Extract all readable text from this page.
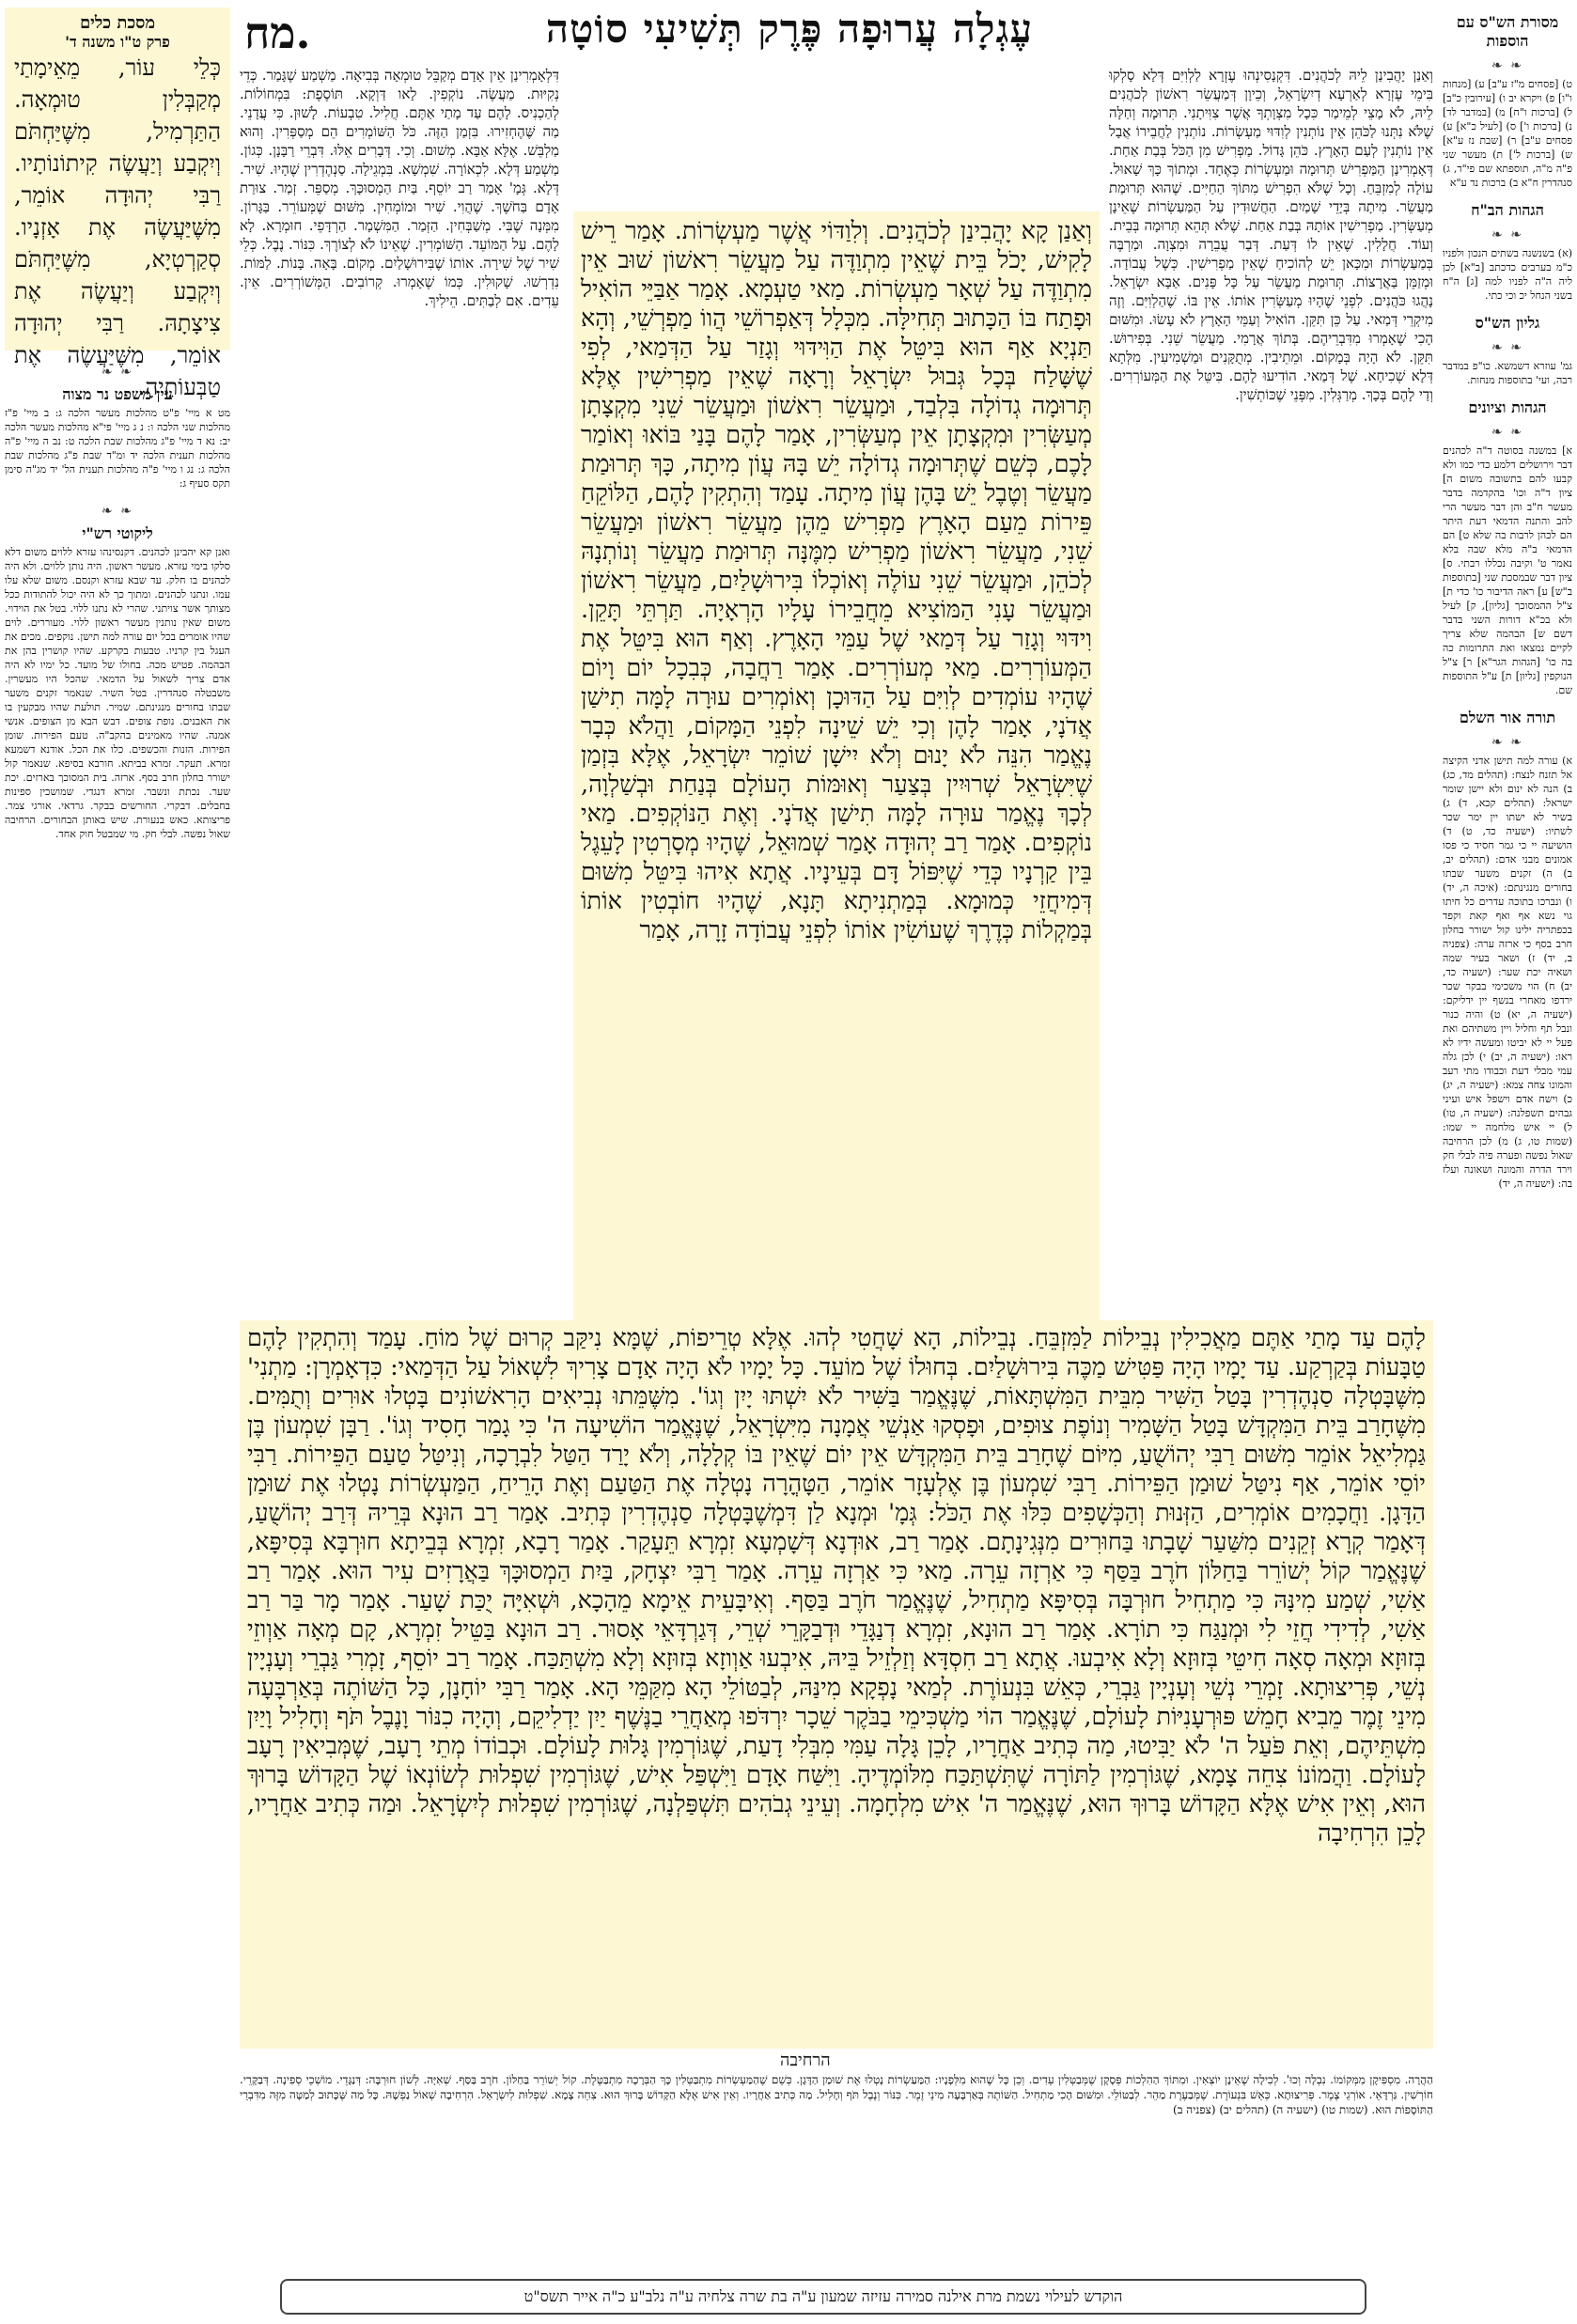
מח.	עֶגְלָה עֲרוּפָה פֶּרֶק תְּשִׁיעִי סוֹטָה	מסורת הש"ס עם הוספות
❧ ❧
ט) [פסחים מ"ז ע"ב] ע) [מנחות ו"ו] פ) ויקרא יב ו) [עירובין כ"ב] ל) [ברכות ו"ח] מ) [במדבר לד] נ) [ברכות ו'] ס) [לעיל כ"א] ע) פסחים ע"ב] ר) [שבת נז ע"א] ש) [ברכות ל'] ת) מעשר שני פ"ה מ"ה, תוספתא שם פי"ד, ג) סנהדרין ח"א ב) ברכות נד ע"א
הגהות הב"ח
❧ ❧
(א) בשנשנה בשתים הנכון ולפניו כ"מ בערבים כדכתב [ב"א] לכן ליה ה"ה לפניו למה [ג] ה"ח בשני הנחל יכ וכי כתי.
גליון הש"ס
❧ ❧
גמ' עוזרא דשמשא. כו"פ במדבר רבה, ועי' בתוספות מנחות.
הגהות וציונים
❧ ❧
א] במשנה בסוטה ד"ה לכהנים דבר וירושלים דלמע כדי כמו ולא קבעו להם בתשובה משום ה] ציון ד"ה וכו' בהקדמה בדבר מעשר ח"ב והן דבר מעשר הרי להב והתנה הדמאי דעת היתר הם לכהן לרבות בה שלא ט] הם הדמאי ב"ה מלא שבה בלא נאמר ט' וקיבה נכללו רבתי. ס] ציון דבר שבמסכת שני [בתוספות ב"ש] ע] ראה הדיבור כו' כדי ת] צ"ל ההמסוכך [גליון], ק] לעיל ולא בכ"א דורות השני בדבר דשם ש] הבהמה שלא צריך לקיים נמצאו ואת התרומות כה בה כו' [הגהות הגר"א] ר] צ"ל הנוקפין [גליון] ת] ע"ל התוספות שם.
תורה אור השלם
❧ ❧
א) עורה למה תישן אדני הקיצה אל תזנח לנצח: (תהלים מד, כג) ב) הנה לא ינום ולא יישן שומר ישראל: (תהלים קכא, ד) ג) בשיר לא ישתו יין ימר שכר לשתיו: (ישעיה כד, ט) ד) הושיעה יי כי גמר חסיד כי פסו אמונים מבני אדם: (תהלים יב, ב) ה) זקנים משער שבתו בחורים מנגינתם: (איכה ה, יד) ו) ונברכו בתוכה עדרים כל חיתו גוי נשא אף ואף קאת וקפד בכפתריה ילינו קול ישורר בחלון חרב בסף כי ארזה ערה: (צפניה ב, יד) ז) ושאר בעיר שמה ושאיה יכת שער: (ישעיה כד, יב) ח) הוי משכימי בבקר שכר ירדפו מאחרי בנשף יין ידליקם: (ישעיה ה, יא) ט) והיה כנור ונבל תף וחליל ויין משתיהם ואת פעל יי לא יביטו ומעשה ידיו לא ראו: (ישעיה ה, יב) י) לכן גלה עמי מבלי דעת וכבודו מתי רעב והמונו צחה צמא: (ישעיה ה, יג) כ) וישח אדם וישפל איש ועיני גבהים תשפלנה: (ישעיה ה, טו) ל) יי איש מלחמה יי שמו: (שמות טו, ג) מ) לכן הרחיבה שאול נפשה ופערה פיה לבלי חק וירד הדרה והמונה ושאונה ועלז בה: (ישעיה ה, יד)
וְאַנַן יָהֲבִינַן לֵיהּ לְכֹהֲנִים. דִּקְנָסִינְהוּ עֶזְרָא לַלְוִיִּם דְּלָא סָלְקוּ בִּימֵי עֶזְרָא לְאַרְעָא דְיִשְׂרָאֵל, וְכֵיוָן דְּמַעֲשֵׂר רִאשׁוֹן לְכֹהֲנִים לֵיהּ, לֹא מָצֵי לְמֵימַר כִּכָל מִצְוָתְךָ אֲשֶׁר צִוִּיתָנִי. תִּרוּמָה וְחַלָּה שֶׁלֹּא נִתְּנוּ לַכֹּהֵן אֵין נוֹתְנִין לְוִדּוּי מַעְשְׂרוֹת. נוֹתְנִין לַחֲבֵירוֹ אֲבָל אֵין נוֹתְנִין לְעַם הָאָרֶץ. כֹּהֵן גָּדוֹל. מַפְרִישׁ מִן הַכֹּל בְּבַת אַחַת. דְּאָמְרִינַן הַמַּפְרִישׁ תְּרוּמָה וּמַעְשְׂרוֹת כְּאֶחָד. וּמְתוֹךְ כָּךְ שָׁאוּל. עוֹלָה לְמִזְבֵּחַ. וְכָל שֶׁלֹּא הִפְרִישׁ מִתּוֹךְ הַחַיִּים. שֶׁהוּא תְּרוּמַת מַעֲשֵׂר. מִיתָה בְּיָדֵי שָׁמַיִם. הַחֲשׁוּדִין עַל הַמַּעַשְׂרוֹת שֶׁאֵינָן מְעַשְּׂרִין. מַפְרִישִׁין אוֹתָהּ בְּבַת אַחַת. שֶׁלֹּא תְּהֵא תְּרוּמָה בְּבֵית. וְעוֹד. חֲלָלִין. שֶׁאֵין לוֹ דְּעַת. דְּבַר עֲבֵרָה וּמִצְוָה. וּמַרְבֶּה בְּמַעַשְׂרוֹת וּמִכָּאן יֵשׁ לְהוֹכִיחַ שֶׁאֵין מַפְרִישִׁין. כְּשֶׁל עֲבוֹדָה. וּמְזַמֵּן בַּאֲרָצוֹת. תְּרוּמַת מַעֲשֵׂר עַל כָּל פָּנִים. אַבָּא יִשְׂרָאֵל. נָהֲגוּ כֹּהֲנִים. לִפְנֵי שֶׁהָיוּ מְעַשְּׂרִין אוֹתוֹ. אֵין בּוֹ. שֶׁהַלְוִיִּם. וְזֶה מִיקְרֵי דְּמַאי. עַל כֵּן תִּקֵּן. הוֹאִיל וְעַמֵּי הָאָרֶץ לֹא עָשׂוּ. וּמִשּׁוּם הָכִי שֶׁאָמְרוּ מִדִּבְרֵיהֶם. בְּתוֹךְ אֲרָמִי. מַעֲשֵׂר שֵׁנִי. בְּפִירוּשׁ. תִּקֵּן. לֹא הָיָה בְּמָקוֹם. וּמֵתֵיבִין. מְתֻקָּנִים וּמַשְׁמִיעִין. מִלְּתָא דְּלָא שְׁכִיחָא. שֶׁל דְּמַאי. הוֹדִיעוּ לָהֶם. בִּיטֵּל אֶת הַמְּעוֹרְרִים. וְדַי לָהֶם בְּכָךְ. מְרַגְּלִין. מִפְּנֵי שֶׁכּוֹתְשִׁין.
דִּלְאָמְרִינַן אֵין אָדָם מְקַבֵּל טוּמְאָה בְּבִיאָה. מַשְׁמַע שֶׁגָּמַר. כְּדֵי נְקִיּוּת. מַעֲשֶׂה. נוֹקְפִין. לָאו דַּוְקָא. תּוֹסֶפֶת: בִּמְחוֹלוֹת. לְהַכְנִיס. לָהֶם עַד מָתַי אַתֶּם. חֲלִיל. טִבְעוֹת. לָשׁוּן. כִּי עֲדָנֵי. מַה שֶּׁהֶחְזִירוּ. בִּזְמַן הַזֶּה. כֹּל הַשּׁוֹמְרִים הֵם מְסַפְּרִין. וְהוּא מַלְבֵּשׁ. אֶלָּא אַבָּא. מְשׁוּם. וְכִי. דְּבָרִים אֵלּוּ. דִּבְרֵי רַבָּנָן. כְּגוֹן. מַשְׁמַע דְּלָא. לִכְאוֹרָה. שִׁמְשָׁא. בִּמְגֵילָה. סַנְהֶדְרִין שֶׁהָיוּ. שִׁיר. דְּלָא. גְּמָ' אָמַר רַב יוֹסֵף. בַּיִת הַמְסוּכָּךְ. מְסַפֵּר. זְמַר. צוּרַת אָדָם בַּחֹשֶׁךְ. שֶׁהֲוִי. שִׁיר וּמוֹמְחִין. מִשּׁוּם שֶׁמְּעוֹרֵר. בַּגָּרוֹן. מִמְּנָה שֶׁבִּי. מְשַׁבְּחִין. הַזְּמַר. הַמִּשְׁמָר. הַרְדָּפֵי. חוּמְרָא. לָא לָהֶם. עַל הַמּוֹעֵד. הַשּׁוֹמְרִין. שֶׁאֵינוֹ לֹא לְצוֹרֶךְ. כִּנּוֹר. נֶבֶל. כְּלֵי שִׁיר שֶׁל שִׁירָה. אוֹתוֹ שֶׁבִּירוּשָׁלַיִם. מְקוֹם. בָּאָה. בָּנוֹת. לַמּוֹת. נִדְרְשׁוּ. שָׁקוּלִין. כְּמוֹ שֶׁאָמְרוּ. קְרוֹבִים. הַמְּשׁוֹרְרִים. אֵין. עֵדִים. אִם לְבַתִּים. הֵילִיךְ.
וְאַנַן קָא יָהֲבִינַן לְכֹהֲנִים. וְלִוַדּוֹי אֲשֶׁר מַעְשְׂרוֹת. אָמַר רֵישׁ לָקִישׁ, יָכֹל בֵּית שֶׁאֵין מִתְוַדֶּה עַל מַעֲשֵׂר רִאשׁוֹן שׁוּב אֵין מִתְוַדֶּה עַל שְׁאָר מַעְשְׂרוֹת. מַאי טַעְמָא. אָמַר אַבַּיֵּי הוֹאִיל וּפָתַח בּוֹ הַכָּתוּב תְּחִילָּה. מִכְּלָל דְּאַפְרוֹשֵׁי הֲווֹ מַפְרְשֵׁי, וְהָא תַּנְיָא אַף הוּא בִּיטֵּל אֶת הַוִּידּוּי וְגָזַר עַל הַדְּמַאי, לְפִי שֶׁשָּׁלַח בְּכָל גְּבוּל יִשְׂרָאֵל וְרָאָה שֶׁאֵין מַפְרִישִׁין אֶלָּא תְּרוּמָה גְדוֹלָה בִּלְבַד, וּמַעֲשֵׂר רִאשׁוֹן וּמַעֲשֵׂר שֵׁנִי מִקְצָתָן מְעַשְּׂרִין וּמִקְצָתָן אֵין מְעַשְּׂרִין, אָמַר לָהֶם בָּנַי בּוֹאוּ וְאוֹמַר לָכֶם, כְּשֵׁם שֶׁתְּרוּמָה גְדוֹלָה יֵשׁ בָּהּ עֲוֹן מִיתָה, כָּךְ תְּרוּמַת מַעֲשֵׂר וְטֶבֶל יֵשׁ בָּהֶן עֲוֹן מִיתָה. עָמַד וְהִתְקִין לָהֶם, הַלּוֹקֵחַ פֵּירוֹת מֵעַם הָאָרֶץ מַפְרִישׁ מֵהֶן מַעֲשֵׂר רִאשׁוֹן וּמַעֲשֵׂר שֵׁנִי, מַעֲשֵׂר רִאשׁוֹן מַפְרִישׁ מִמֶּנָּה תְּרוּמַת מַעֲשֵׂר וְנוֹתְנָהּ לְכֹהֵן, וּמַעֲשֵׂר שֵׁנִי עוֹלֶה וְאוֹכְלוֹ בִּירוּשָׁלַיִם, מַעֲשֵׂר רִאשׁוֹן וּמַעֲשֵׂר עָנִי הַמּוֹצִיא מֵחֲבֵירוֹ עָלָיו הָרְאָיָה. תַּרְתֵּי תָּקֵן. וִידּוּי וְגָזַר עַל דְּמַאי שֶׁל עַמֵּי הָאָרֶץ. וְאַף הוּא בִּיטֵּל אֶת הַמְּעוֹרְרִים. מַאי מְעוֹרְרִים. אָמַר רַחֲבָה, כְּבִכָל יוֹם וָיוֹם שֶׁהָיוּ עוֹמְדִים לְוִיִּם עַל הַדּוּכָן וְאוֹמְרִים עוּרָה לָמָּה תִישַׁן אֲדֹנָי, אָמַר לָהֶן וְכִי יֵשׁ שֵׁינָה לִפְנֵי הַמָּקוֹם, וַהֲלֹא כְּבָר נֶאֱמַר הִנֵּה לֹא יָנוּם וְלֹא יִישָׁן שׁוֹמֵר יִשְׂרָאֵל, אֶלָּא בִּזְמַן שֶׁיִּשְׂרָאֵל שְׁרוּיִין בְּצַעַר וְאוּמּוֹת הָעוֹלָם בְּנַחַת וּבְשַׁלְוָה, לְכָךְ נֶאֱמַר עוּרָה לָמָּה תִישַׁן אֲדֹנָי. וְאֶת הַנּוֹקְפִים. מַאי נוֹקְפִים. אָמַר רַב יְהוּדָה אָמַר שְׁמוּאֵל, שֶׁהָיוּ מְסָרְטִין לָעֵגֶל בֵּין קַרְנָיו כְּדֵי שֶׁיִּפּוֹל דָּם בְּעֵינָיו. אֲתָא אִיהוּ בִּיטֵּל מִשּׁוּם דְּמִיחֲזֵי כְּמוּמָא. בְּמַתְנִיתָא תָּנָא, שֶׁהָיוּ חוֹבְטִין אוֹתוֹ בְּמַקְלוֹת כְּדֶרֶךְ שֶׁעוֹשִׂין אוֹתוֹ לִפְנֵי עֲבוֹדָה זָרָה, אָמַר
לָהֶם עַד מָתַי אַתֶּם מַאֲכִילִין נְבֵילוֹת לַמִּזְבֵּחַ. נְבֵילוֹת, הָא שָׁחֲטִי לְהוּ. אֶלָּא טְרֵיפוֹת, שֶׁמָּא נִיקַּב קְרוּם שֶׁל מוֹחַ. עָמַד וְהִתְקִין לָהֶם טַבָּעוֹת בְּקַרְקַע. עַד יָמָיו הָיָה פַּטִּישׁ מַכֶּה בִּירוּשָׁלַיִם. בְּחוּלוֹ שֶׁל מוֹעֵד. כָּל יָמָיו לֹא הָיָה אָדָם צָרִיךְ לִשְׁאוֹל עַל הַדְּמַאי: כִּדְאָמְרָן: מַתְנִי' מִשֶּׁבָּטְלָה סַנְהֶדְרִין בָּטַל הַשִּׁיר מִבֵּית הַמִּשְׁתָּאוֹת, שֶׁנֶּאֱמַר בַּשִּׁיר לֹא יִשְׁתּוּ יָיִן וְגוֹ'. מִשֶּׁמֵּתוּ נְבִיאִים הָרִאשׁוֹנִים בָּטְלוּ אוּרִים וְתֻמִּים. מִשֶּׁחָרַב בֵּית הַמִּקְדָּשׁ בָּטַל הַשָּׁמִיר וְנוֹפֶת צוּפִים, וּפָסְקוּ אַנְשֵׁי אֲמָנָה מִיִּשְׂרָאֵל, שֶׁנֶּאֱמַר הוֹשִׁיעָה ה' כִּי גָמַר חָסִיד וְגוֹ'. רַבָּן שִׁמְעוֹן בֶּן גַּמְלִיאֵל אוֹמֵר מִשּׁוּם רַבִּי יְהוֹשֻׁעַ, מִיּוֹם שֶׁחָרַב בֵּית הַמִּקְדָּשׁ אֵין יוֹם שֶׁאֵין בּוֹ קְלָלָה, וְלֹא יָרַד הַטַּל לִבְרָכָה, וְנִיטַּל טַעַם הַפֵּירוֹת. רַבִּי יוֹסֵי אוֹמֵר, אַף נִיטַּל שׁוּמַן הַפֵּירוֹת. רַבִּי שִׁמְעוֹן בֶּן אֶלְעָזָר אוֹמֵר, הַטָּהֳרָה נָטְלָה אֶת הַטַּעַם וְאֶת הָרֵיחַ, הַמַּעְשְׂרוֹת נָטְלוּ אֶת שׁוּמַן הַדָּגָן. וַחֲכָמִים אוֹמְרִים, הַזְּנוּת וְהַכְּשָׁפִים כִּלּוּ אֶת הַכֹּל: גְּמָ' וּמְנָא לַן דִּמְשֶׁבָּטְלָה סַנְהֶדְרִין כְּתִיב. אָמַר רַב הוּנָא בְּרֵיהּ דְּרַב יְהוֹשֻׁעַ, דְּאָמַר קְרָא זְקֵנִים מִשַּׁעַר שָׁבָתוּ בַּחוּרִים מִנְּגִינָתָם. אָמַר רַב, אוּדְנָא דְּשָׁמְעָא זִמְרָא תֵּעָקַר. אָמַר רָבָא, זִמְרָא בְּבֵיתָא חוּרְבָּא בְּסִיפָּא, שֶׁנֶּאֱמַר קוֹל יְשׁוֹרֵר בַּחַלּוֹן חֹרֶב בַּסַּף כִּי אַרְזָה עֵרָה. מַאי כִּי אַרְזָה עֵרָה. אָמַר רַבִּי יִצְחָק, בַּיִת הַמְסוּכָּךְ בַּאֲרָזִים עִיר הוּא. אָמַר רַב אַשִׁי, שְׁמַע מִינָּהּ כִּי מַתְחִיל חוּרְבָּה בְּסִיפָּא מַתְחִיל, שֶׁנֶּאֱמַר חֹרֶב בַּסַּף. וְאִיבָּעֵית אֵימָא מֵהָכָא, וּשְׁאִיָּה יֻכַּת שָׁעַר. אָמַר מָר בַּר רַב אַשִׁי, לְדִידִי חֲזֵי לִי וּמְנַגַּח כִּי תוֹרָא. אָמַר רַב הוּנָא, זִמְרָא דְנַגָּדֵי וּדְבַקָּרֵי שְׁרֵי, דְּגַרְדָּאֵי אָסוּר. רַב הוּנָא בַּטֵּיל זִמְרָא, קָם מְאָה אַוְוזֵי בְּזוּזָא וּמְאָה סְאָה חִיטֵּי בְּזוּזָא וְלָא אִיבְעוּ. אֲתָא רַב חִסְדָּא וְזַלְזֵיל בֵּיהּ, אִיבְעוּ אַוְוזָא בְּזוּזָא וְלָא מִשְׁתַּכַּח. אָמַר רַב יוֹסֵף, זָמְרִי גַּבְרֵי וְעָנְיָין נְשֵׁי, פְּרִיצוּתָא. זָמְרֵי נְשֵׁי וְעָנְיָין גַּבְרֵי, כְּאֵשׁ בִּנְעוֹרֶת. לְמַאי נָפְקָא מִינַּהּ, לְבַטּוֹלֵי הָא מִקַּמֵּי הָא. אָמַר רַבִּי יוֹחָנָן, כָּל הַשּׁוֹתֶה בְּאַרְבָּעָה מִינֵי זֶמֶר מֵבִיא חָמֵשׁ פּוּרְעָנִיּוֹת לָעוֹלָם, שֶׁנֶּאֱמַר הוֹי מַשְׁכִּימֵי בַבֹּקֶר שֵׁכָר יִרְדֹּפוּ מְאַחֲרֵי בַנֶּשֶׁף יַיִן יַדְלִיקֵם, וְהָיָה כִנּוֹר וָנֶבֶל תֹּף וְחָלִיל וָיַיִן מִשְׁתֵּיהֶם, וְאֵת פֹּעַל ה' לֹא יַבִּיטוּ, מַה כְּתִיב אַחֲרָיו, לָכֵן גָּלָה עַמִּי מִבְּלִי דָעַת, שֶׁגּוֹרְמִין גָּלוּת לָעוֹלָם. וּכְבוֹדוֹ מְתֵי רָעָב, שֶׁמְּבִיאִין רָעָב לָעוֹלָם. וַהֲמוֹנוֹ צִחֵה צָמָא, שֶׁגּוֹרְמִין לַתּוֹרָה שֶׁתִּשְׁתַּכַּח מִלּוֹמְדֶיהָ. וַיִּשַּׁח אָדָם וַיִּשְׁפַּל אִישׁ, שֶׁגּוֹרְמִין שִׁפְלוּת לְשׂוֹנְאוֹ שֶׁל הַקָּדוֹשׁ בָּרוּךְ הוּא, וְאֵין אִישׁ אֶלָּא הַקָּדוֹשׁ בָּרוּךְ הוּא, שֶׁנֶּאֱמַר ה' אִישׁ מִלְחָמָה. וְעֵינֵי גְבֹהִים תִּשְׁפַּלְנָה, שֶׁגּוֹרְמִין שִׁפְלוּת לְיִשְׂרָאֵל. וּמַה כְּתִיב אַחֲרָיו, לָכֵן הִרְחִיבָה
הרחיבה
הַהֲרָה. מִסְפִּיקָן מִמְּקוֹמוֹ. נִבְלָה וְכוּ'. לְכִילָה שֶׁאֵינָן יוֹצְאִין. וּמִתּוֹךְ הַהִלְכוֹת פְּסָקָן שֶׁמְּבַטְּלִין עֵדִים. וְכֵן כָּל שֶׁהוּא מִלְּפָנָיו: הַמַּעַשְׂרוֹת נָטְלוּ אֶת שׁוּמַן הַדָּגָן. כְּשֵׁם שֶׁהַמַּעְשְׂרוֹת מִתְבַּטְּלִין כָּךְ הַבְּרָכָה מִתְבַּטֶּלֶת. קוֹל יְשׁוֹרֵר בַּחַלּוֹן. חֹרֶב בַּסַּף. שְׁאִיָּה. לְשׁוֹן חוּרְבָּה: דְּנַגָּדֵי. מוֹשְׁכֵי סְפִינָה. דְּבַקָּרֵי. חוֹרְשִׁין. גַּרְדָּאֵי. אוֹרְגֵי צֶמֶר. פְּרִיצוּתָא. כְּאֵשׁ בִּנְעוֹרֶת. שֶׁמְּבַעֶרֶת מַהֵר. לְבַטּוֹלֵי. וּמִשּׁוּם הָכִי מַתְחִיל. הַשּׁוֹתֶה בְּאַרְבָּעָה מִינֵי זֶמֶר. כִּנּוֹר וְנֶבֶל תֹּף וְחָלִיל. מַה כְּתִיב אַחֲרָיו. וְאֵין אִישׁ אֶלָּא הַקָּדוֹשׁ בָּרוּךְ הוּא. צִחֵה צָמָא. שִׁפְלוּת לְיִשְׂרָאֵל. הִרְחִיבָה שְׁאוֹל נַפְשָׁהּ. כָּל מַה שֶּׁכָּתוּב לְמַטָּה מִזֶּה מִדִּבְרֵי הַתּוֹסָפוֹת הוּא. (שמות טו) (ישעיה ה) (תהלים יב) (צפניה ב)
מסכת כלים
פרק ט"ו משנה ד'
כְּלֵי עוֹר, מֵאֵימָתַי מְקַבְּלִין טוּמְאָה. הַתַּרְמִיל, מִשֶּׁיַּחְתֹּם וְיִקְבַע וְיַעֲשֶׂה קִיתוֹנוֹתָיו. רַבִּי יְהוּדָה אוֹמֵר, מִשֶּׁיַּעֲשֶׂה אֶת אָזְנָיו. סְקַרְטְיָא, מִשֶּׁיַּחְתֹּם וְיִקְבַע וְיַעֲשֶׂה אֶת צִיצָתָהּ. רַבִּי יְהוּדָה אוֹמֵר, מִשֶּׁיַּעֲשֶׂה אֶת טַבְּעוֹתֶיהָ.
❧ ❧
עין משפט נר מצוה
מט א מיי' פ"ט מהלכות מעשר הלכה ג: ב מיי' פ"ז מהלכות שני הלכה ו: נ ג מיי' פי"א מהלכות מעשר הלכה יב: נא ד מיי' פ"ג מהלכות שבת הלכה ט: נב ה מיי' פ"ה מהלכות תענית הלכה יד ומ"ד שבת פ"ג מהלכות שבת הלכה ג: נג ו מיי' פ"ה מהלכות תענית הל' יד מג"ה סימן תקס סעיף ג:
❧ ❧
ליקוטי רש"י
ואנן קא יהבינן לכהנים. דקנסינהו עזרא ללוים משום דלא סלקו בימי עזרא. מעשר ראשון. היה נותן ללוים. ולא היה לכהנים בו חלק. עד שבא עזרא וקנסם. משום שלא עלו עמו. ונתנו לכהנים. ומתוך כך לא היה יכול להתודות ככל מצותך אשר צויתני. שהרי לא נתנו ללוי. בטל את הוידוי. משום שאין נותנין מעשר ראשון ללוי. מעוררים. לוים שהיו אומרים בכל יום עורה למה תישן. נוקפים. מכים את העגל בין קרניו. טבעות בקרקע. שהיו קושרין בהן את הבהמה. פטיש מכה. בחולו של מועד. כל ימיו לא היה אדם צריך לשאול על הדמאי. שהכל היו מעשרין. משבטלה סנהדרין. בטל השיר. שנאמר זקנים משער שבתו בחורים מנגינתם. שמיר. תולעת שהיו מבקעין בו את האבנים. נופת צופים. דבש הבא מן הצופים. אנשי אמנה. שהיו מאמינים בהקב"ה. טעם הפירות. שומן הפירות. הזנות והכשפים. כלו את הכל. אודנא דשמעא זמרא. תעקר. זמרא בביתא. חורבא בסיפא. שנאמר קול ישורר בחלון חרב בסף. ארזה. בית המסוכך בארזים. יכת שער. נכתת ונשבר. זמרא דנגדי. שמושכין ספינות בחבלים. דבקרי. החורשים בבקר. גרדאי. אורגי צמר. פריצותא. כאש בנעורת. שיש באותן הבחורים. הרחיבה שאול נפשה. לבלי חק. מי שמבטל חוק אחד.
הוקדש לעילוי נשמת מרת אילנה סמירה עזיזה שמעון ע"ה בת שרה צלחיה ע"ה נלב"ע כ"ה אייר תשס"ט
